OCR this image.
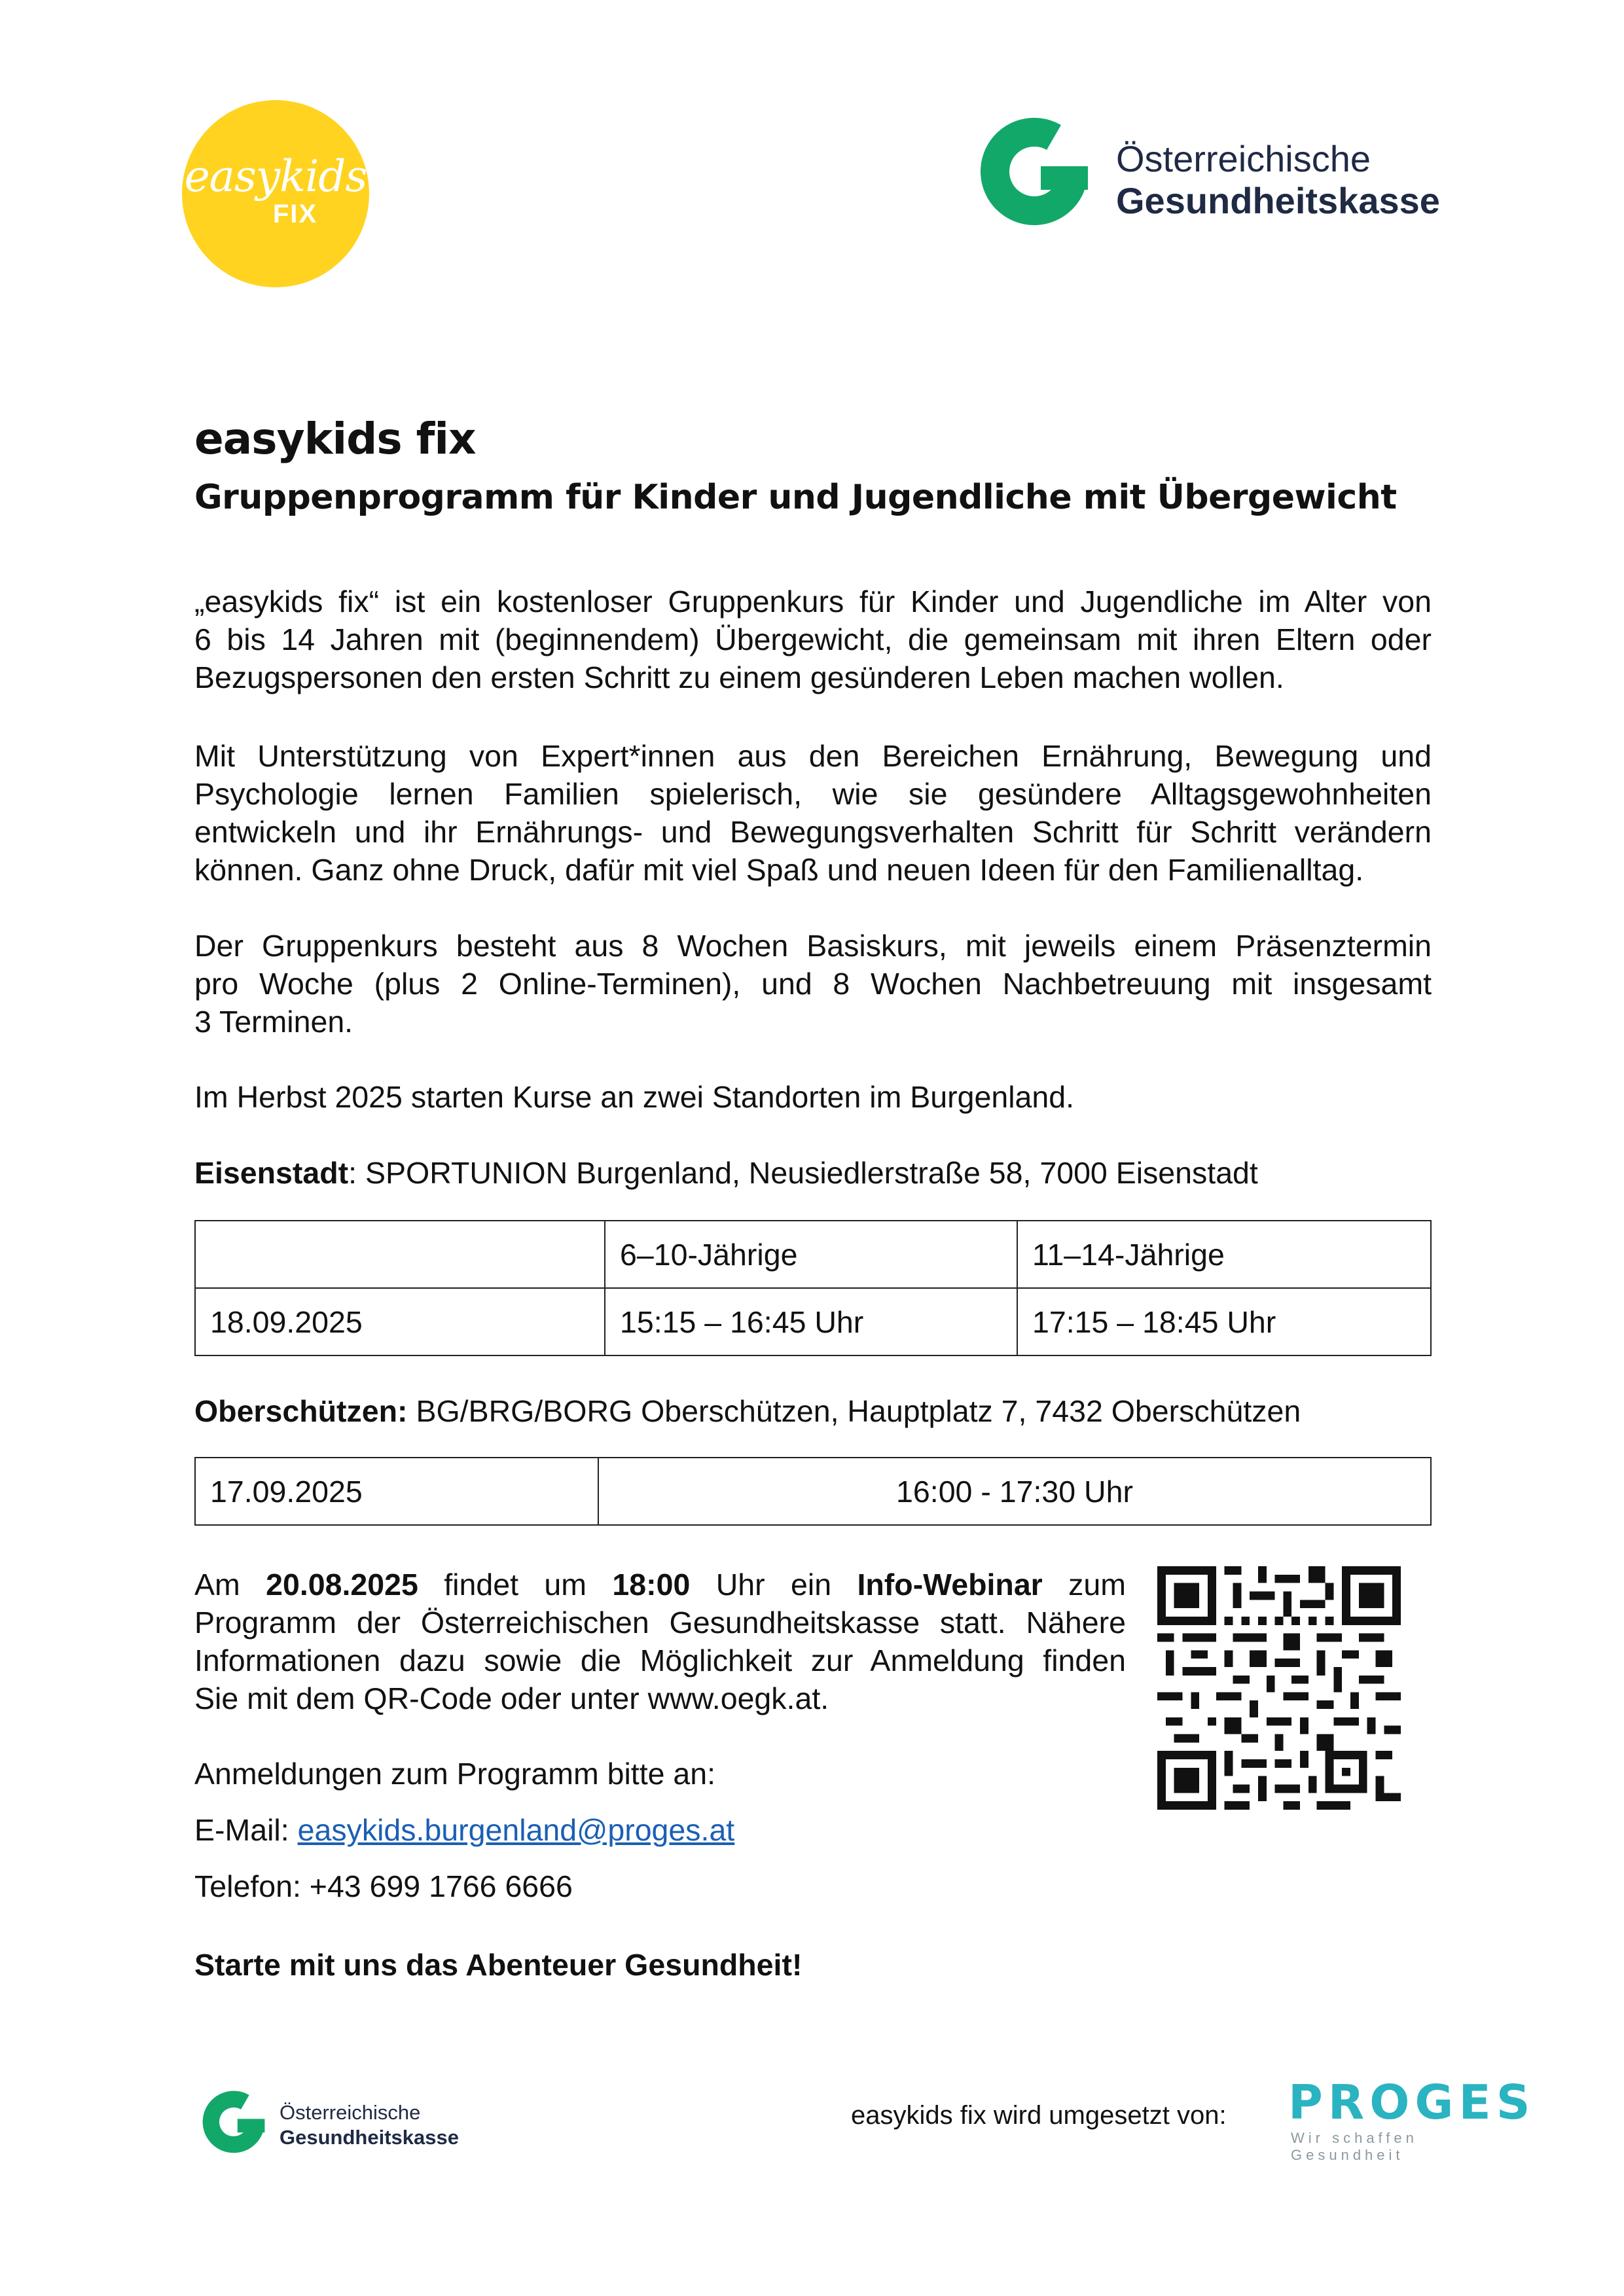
easykids
FIX
Österreichische
Gesundheitskasse
easykids fix
Gruppenprogramm für Kinder und Jugendliche mit Übergewicht
„easykids fix“ ist ein kostenloser Gruppenkurs für Kinder und Jugendliche im Alter von
6 bis 14 Jahren mit (beginnendem) Übergewicht, die gemeinsam mit ihren Eltern oder
Bezugspersonen den ersten Schritt zu einem gesünderen Leben machen wollen.
Mit Unterstützung von Expert*innen aus den Bereichen Ernährung, Bewegung und
Psychologie lernen Familien spielerisch, wie sie gesündere Alltagsgewohnheiten
entwickeln und ihr Ernährungs- und Bewegungsverhalten Schritt für Schritt verändern
können. Ganz ohne Druck, dafür mit viel Spaß und neuen Ideen für den Familienalltag.
Der Gruppenkurs besteht aus 8 Wochen Basiskurs, mit jeweils einem Präsenztermin
pro Woche (plus 2 Online-Terminen), und 8 Wochen Nachbetreuung mit insgesamt
3 Terminen.
Im Herbst 2025 starten Kurse an zwei Standorten im Burgenland.
Eisenstadt: SPORTUNION Burgenland, Neusiedlerstraße 58, 7000 Eisenstadt
	6–10-Jährige	11–14-Jährige
18.09.2025	15:15 – 16:45 Uhr	17:15 – 18:45 Uhr
Oberschützen: BG/BRG/BORG Oberschützen, Hauptplatz 7, 7432 Oberschützen
17.09.2025	16:00 - 17:30 Uhr
Am 20.08.2025 findet um 18:00 Uhr ein Info-Webinar zum
Programm der Österreichischen Gesundheitskasse statt. Nähere
Informationen dazu sowie die Möglichkeit zur Anmeldung finden
Sie mit dem QR-Code oder unter www.oegk.at.
Anmeldungen zum Programm bitte an:
E-Mail: easykids.burgenland@proges.at
Telefon: +43 699 1766 6666
Starte mit uns das Abenteuer Gesundheit!
Österreichische
Gesundheitskasse
easykids fix wird umgesetzt von: PROGES
Wir schaffen Gesundheit
